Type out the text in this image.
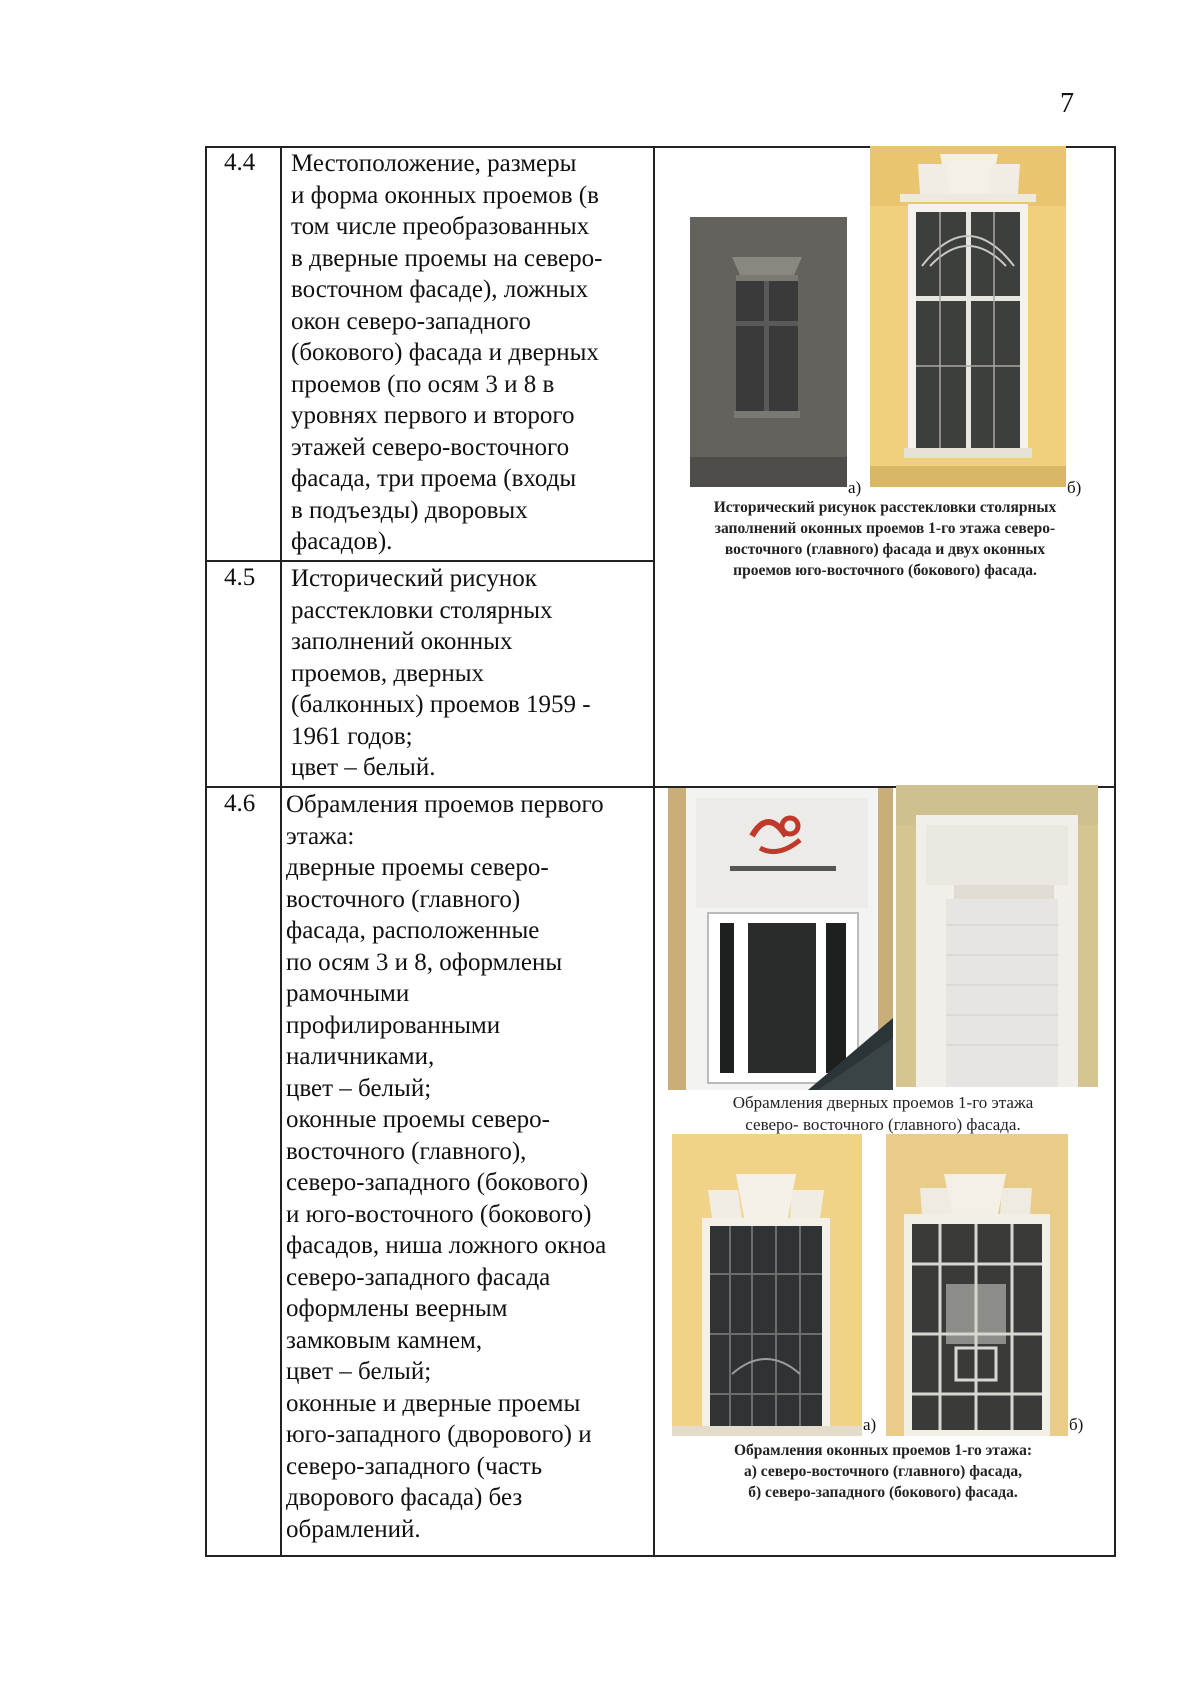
7
4.4 Местоположение, размеры
и форма оконных проемов (в
том числе преобразованных
в дверные проемы на северо-
восточном фасаде), ложных
окон северо-западного
(бокового) фасада и дверных
проемов (по осям 3 и 8 в
уровнях первого и второго
этажей северо-восточного
фасада, три проема (входы
в подъезды) дворовых
фасадов).
4.5 Исторический рисунок
расстекловки столярных
заполнений оконных
проемов, дверных
(балконных) проемов 1959 -
1961 годов;
цвет – белый.
4.6 Обрамления проемов первого
этажа:
дверные проемы северо-
восточного (главного)
фасада, расположенные
по осям 3 и 8, оформлены
рамочными
профилированными
наличниками,
цвет – белый;
оконные проемы северо-
восточного (главного),
северо-западного (бокового)
и юго-восточного (бокового)
фасадов, ниша ложного окноа
северо-западного фасада
оформлены веерным
замковым камнем,
цвет – белый;
оконные и дверные проемы
юго-западного (дворового) и
северо-западного (часть
дворового фасада) без
обрамлений.
а)	б)
Исторический рисунок расстекловки столярных
заполнений оконных проемов 1-го этажа северо-
восточного (главного) фасада и двух оконных
проемов юго-восточного (бокового) фасада.
Обрамления дверных проемов 1-го этажа
северо- восточного (главного) фасада.
а)	б)
Обрамления оконных проемов 1-го этажа:
а) северо-восточного (главного) фасада,
б) северо-западного (бокового) фасада.
